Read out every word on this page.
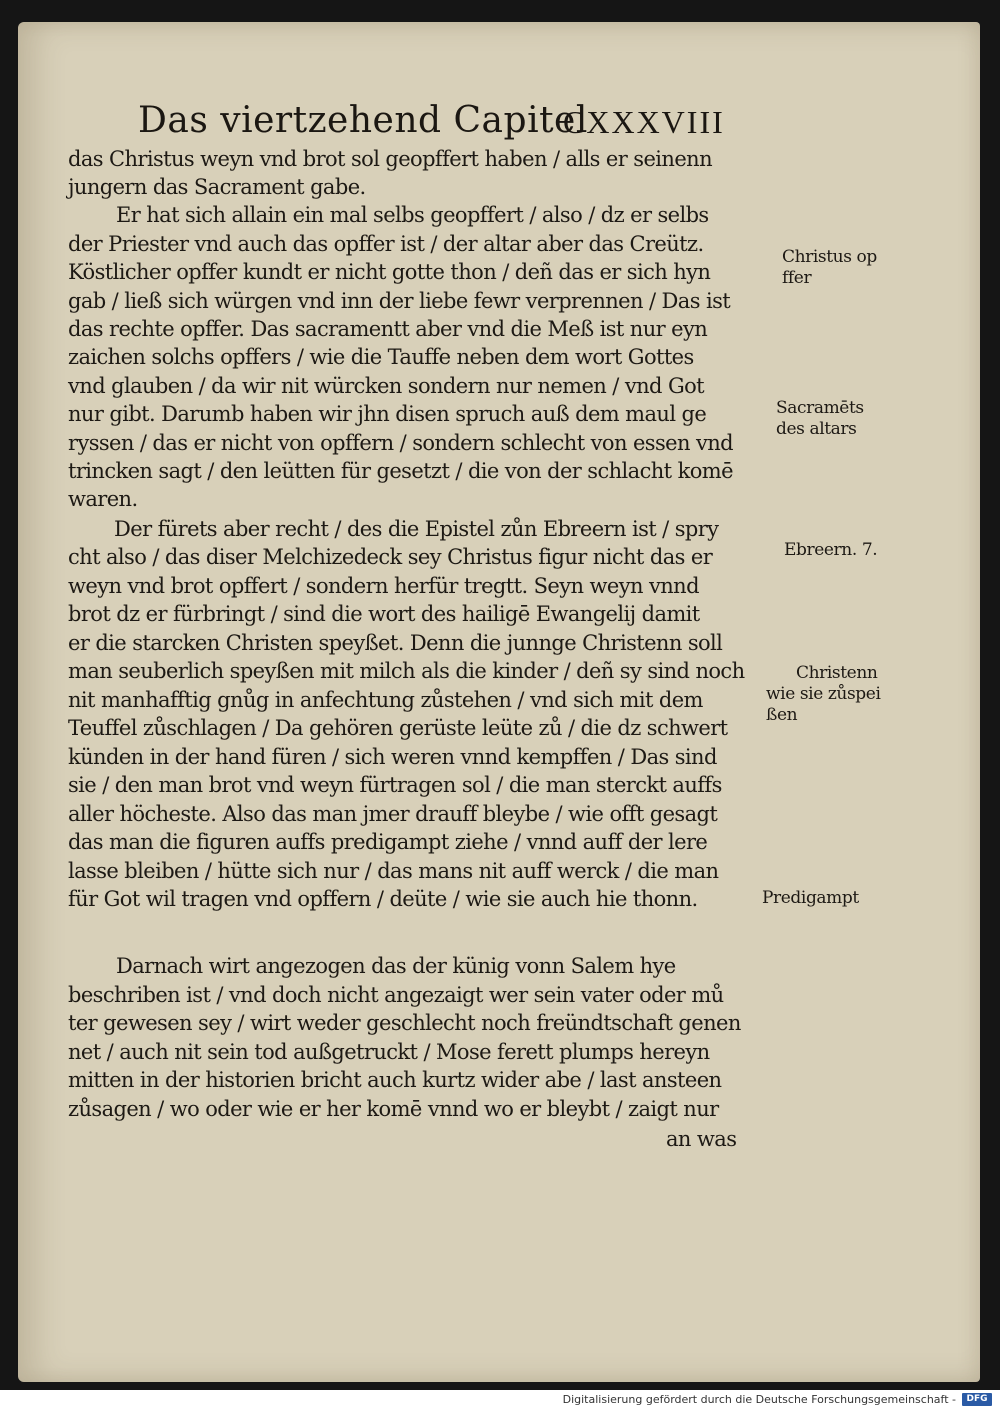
Das viertzehend Capitel
CXXXVIII
das Christus weyn vnd brot sol geopffert haben / alls er seinenn
jungern das Sacrament gabe.
Er hat sich allain ein mal selbs geopffert / also / dz er selbs
der Priester vnd auch das opffer ist / der altar aber das Creütz.
Köstlicher opffer kundt er nicht gotte thon / deñ das er sich hyn
gab / ließ sich würgen vnd inn der liebe fewr verprennen / Das ist
das rechte opffer. Das sacramentt aber vnd die Meß ist nur eyn
zaichen solchs opffers / wie die Tauffe neben dem wort Gottes
vnd glauben / da wir nit würcken sondern nur nemen / vnd Got
nur gibt. Darumb haben wir jhn disen spruch auß dem maul ge
ryssen / das er nicht von opffern / sondern schlecht von essen vnd
trincken sagt / den leütten für gesetzt / die von der schlacht komē
waren.
Der fürets aber recht / des die Epistel zůn Ebreern ist / spry
cht also / das diser Melchizedeck sey Christus figur nicht das er
weyn vnd brot opffert / sondern herfür tregtt. Seyn weyn vnnd
brot dz er fürbringt / sind die wort des hailigē Ewangelij damit
er die starcken Christen speyßet. Denn die junnge Christenn soll
man seuberlich speyßen mit milch als die kinder / deñ sy sind noch
nit manhafftig gnůg in anfechtung zůstehen / vnd sich mit dem
Teuffel zůschlagen / Da gehören gerüste leüte zů / die dz schwert
künden in der hand füren / sich weren vnnd kempffen / Das sind
sie / den man brot vnd weyn fürtragen sol / die man sterckt auffs
aller höcheste. Also das man jmer drauff bleybe / wie offt gesagt
das man die figuren auffs predigampt ziehe / vnnd auff der lere
lasse bleiben / hütte sich nur / das mans nit auff werck / die man
für Got wil tragen vnd opffern / deüte / wie sie auch hie thonn.
Darnach wirt angezogen das der künig vonn Salem hye
beschriben ist / vnd doch nicht angezaigt wer sein vater oder mů
ter gewesen sey / wirt weder geschlecht noch freündtschaft genen
net / auch nit sein tod außgetruckt / Mose ferett plumps hereyn
mitten in der historien bricht auch kurtz wider abe / last ansteen
zůsagen / wo oder wie er her komē vnnd wo er bleybt / zaigt nur
an was
Christus op
ffer
Sacramēts
des altars
Ebreern. 7.
Christenn
wie sie zůspei
ßen
Predigampt
Digitalisierung gefördert durch die Deutsche Forschungsgemeinschaft -	DFG
